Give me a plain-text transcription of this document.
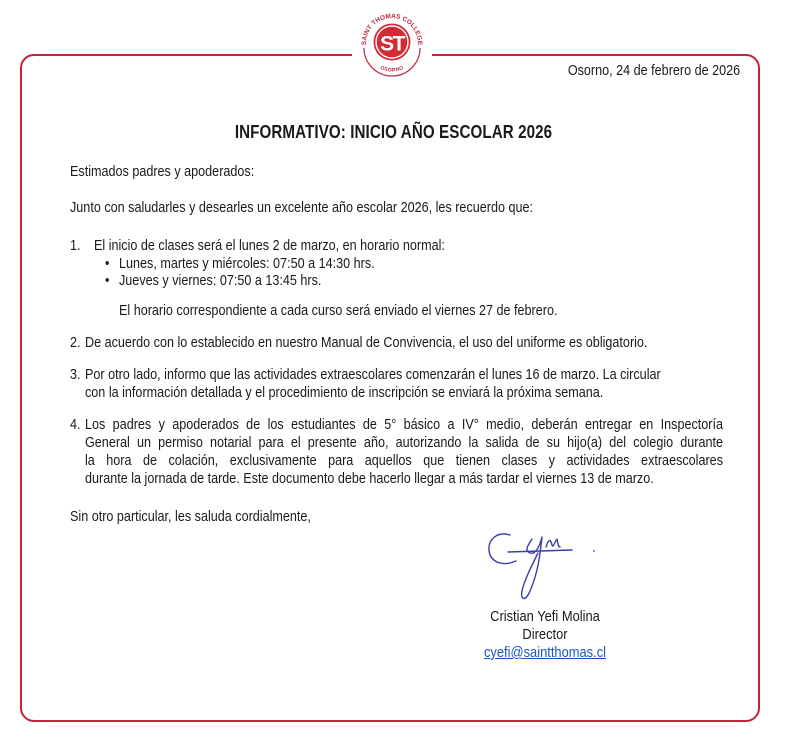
ST
SAINT THOMAS COLLEGE
OSORNO	Osorno, 24 de febrero de 2026
INFORMATIVO: INICIO AÑO ESCOLAR 2026
Estimados padres y apoderados:
Junto con saludarles y desearles un excelente año escolar 2026, les recuerdo que:
1. El inicio de clases será el lunes 2 de marzo, en horario normal:
• Lunes, martes y miércoles: 07:50 a 14:30 hrs.
• Jueves y viernes: 07:50 a 13:45 hrs.
El horario correspondiente a cada curso será enviado el viernes 27 de febrero.
2. De acuerdo con lo establecido en nuestro Manual de Convivencia, el uso del uniforme es obligatorio.
3. Por otro lado, informo que las actividades extraescolares comenzarán el lunes 16 de marzo. La circular
con la información detallada y el procedimiento de inscripción se enviará la próxima semana.
4. Los padres y apoderados de los estudiantes de 5° básico a IV° medio, deberán entregar en Inspectoría
General un permiso notarial para el presente año, autorizando la salida de su hijo(a) del colegio durante
la hora de colación, exclusivamente para aquellos que tienen clases y actividades extraescolares
durante la jornada de tarde. Este documento debe hacerlo llegar a más tardar el viernes 13 de marzo.
Sin otro particular, les saluda cordialmente,
Cristian Yefi Molina
Director
cyefi@saintthomas.cl
